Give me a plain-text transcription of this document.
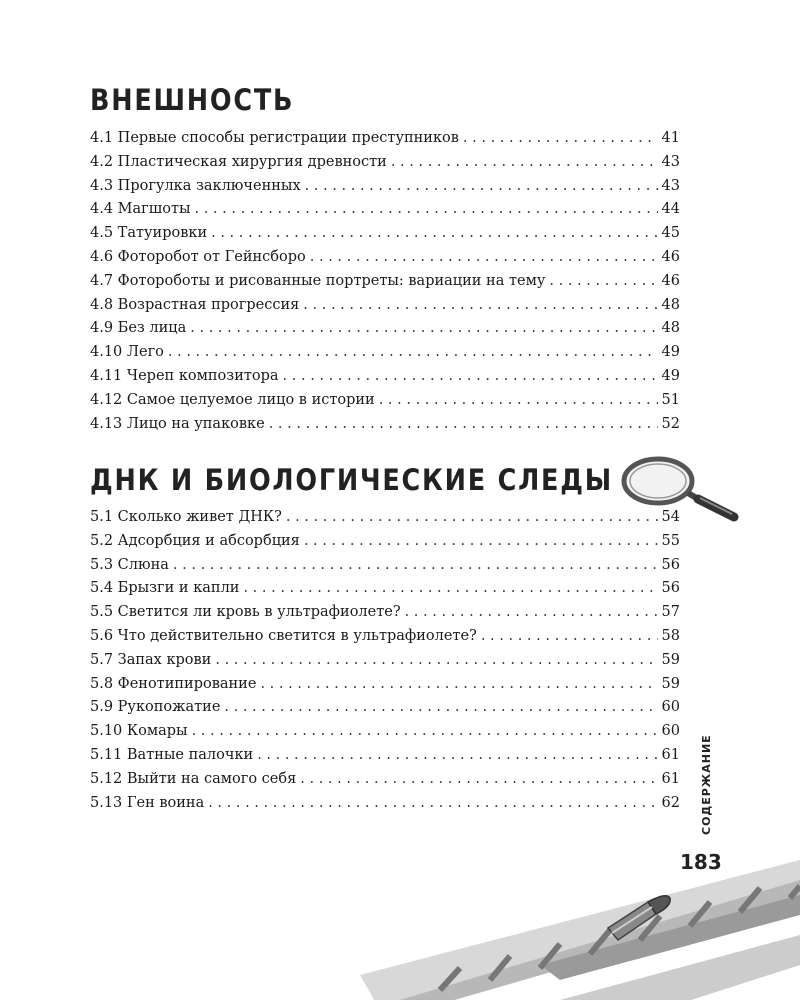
ВНЕШНОСТЬ
4.1 Первые способы регистрации преступников . . .	41
4.2 Пластическая хирургия древности . . .	43
4.3 Прогулка заключенных . . .	43
4.4 Магшоты . . .	44
4.5 Татуировки . . .	45
4.6 Фоторобот от Гейнсборо . . .	46
4.7 Фотороботы и рисованные портреты: вариации на тему . . .	46
4.8 Возрастная прогрессия . . .	48
4.9 Без лица . . .	48
4.10 Лего . . .	49
4.11 Череп композитора . . .	49
4.12 Самое целуемое лицо в истории . . .	51
4.13 Лицо на упаковке . . .	52
ДНК И БИОЛОГИЧЕСКИЕ СЛЕДЫ
5.1 Сколько живет ДНК? . . .	54
5.2 Адсорбция и абсорбция . . .	55
5.3 Слюна . . .	56
5.4 Брызги и капли . . .	56
5.5 Светится ли кровь в ультрафиолете? . . .	57
5.6 Что действительно светится в ультрафиолете? . . .	58
5.7 Запах крови . . .	59
5.8 Фенотипирование . . .	59
5.9 Рукопожатие . . .	60
5.10 Комары . . .	60
5.11 Ватные палочки . . .	61
5.12 Выйти на самого себя . . .	61
5.13 Ген воина . . .	62 СОДЕРЖАНИЕ
183
